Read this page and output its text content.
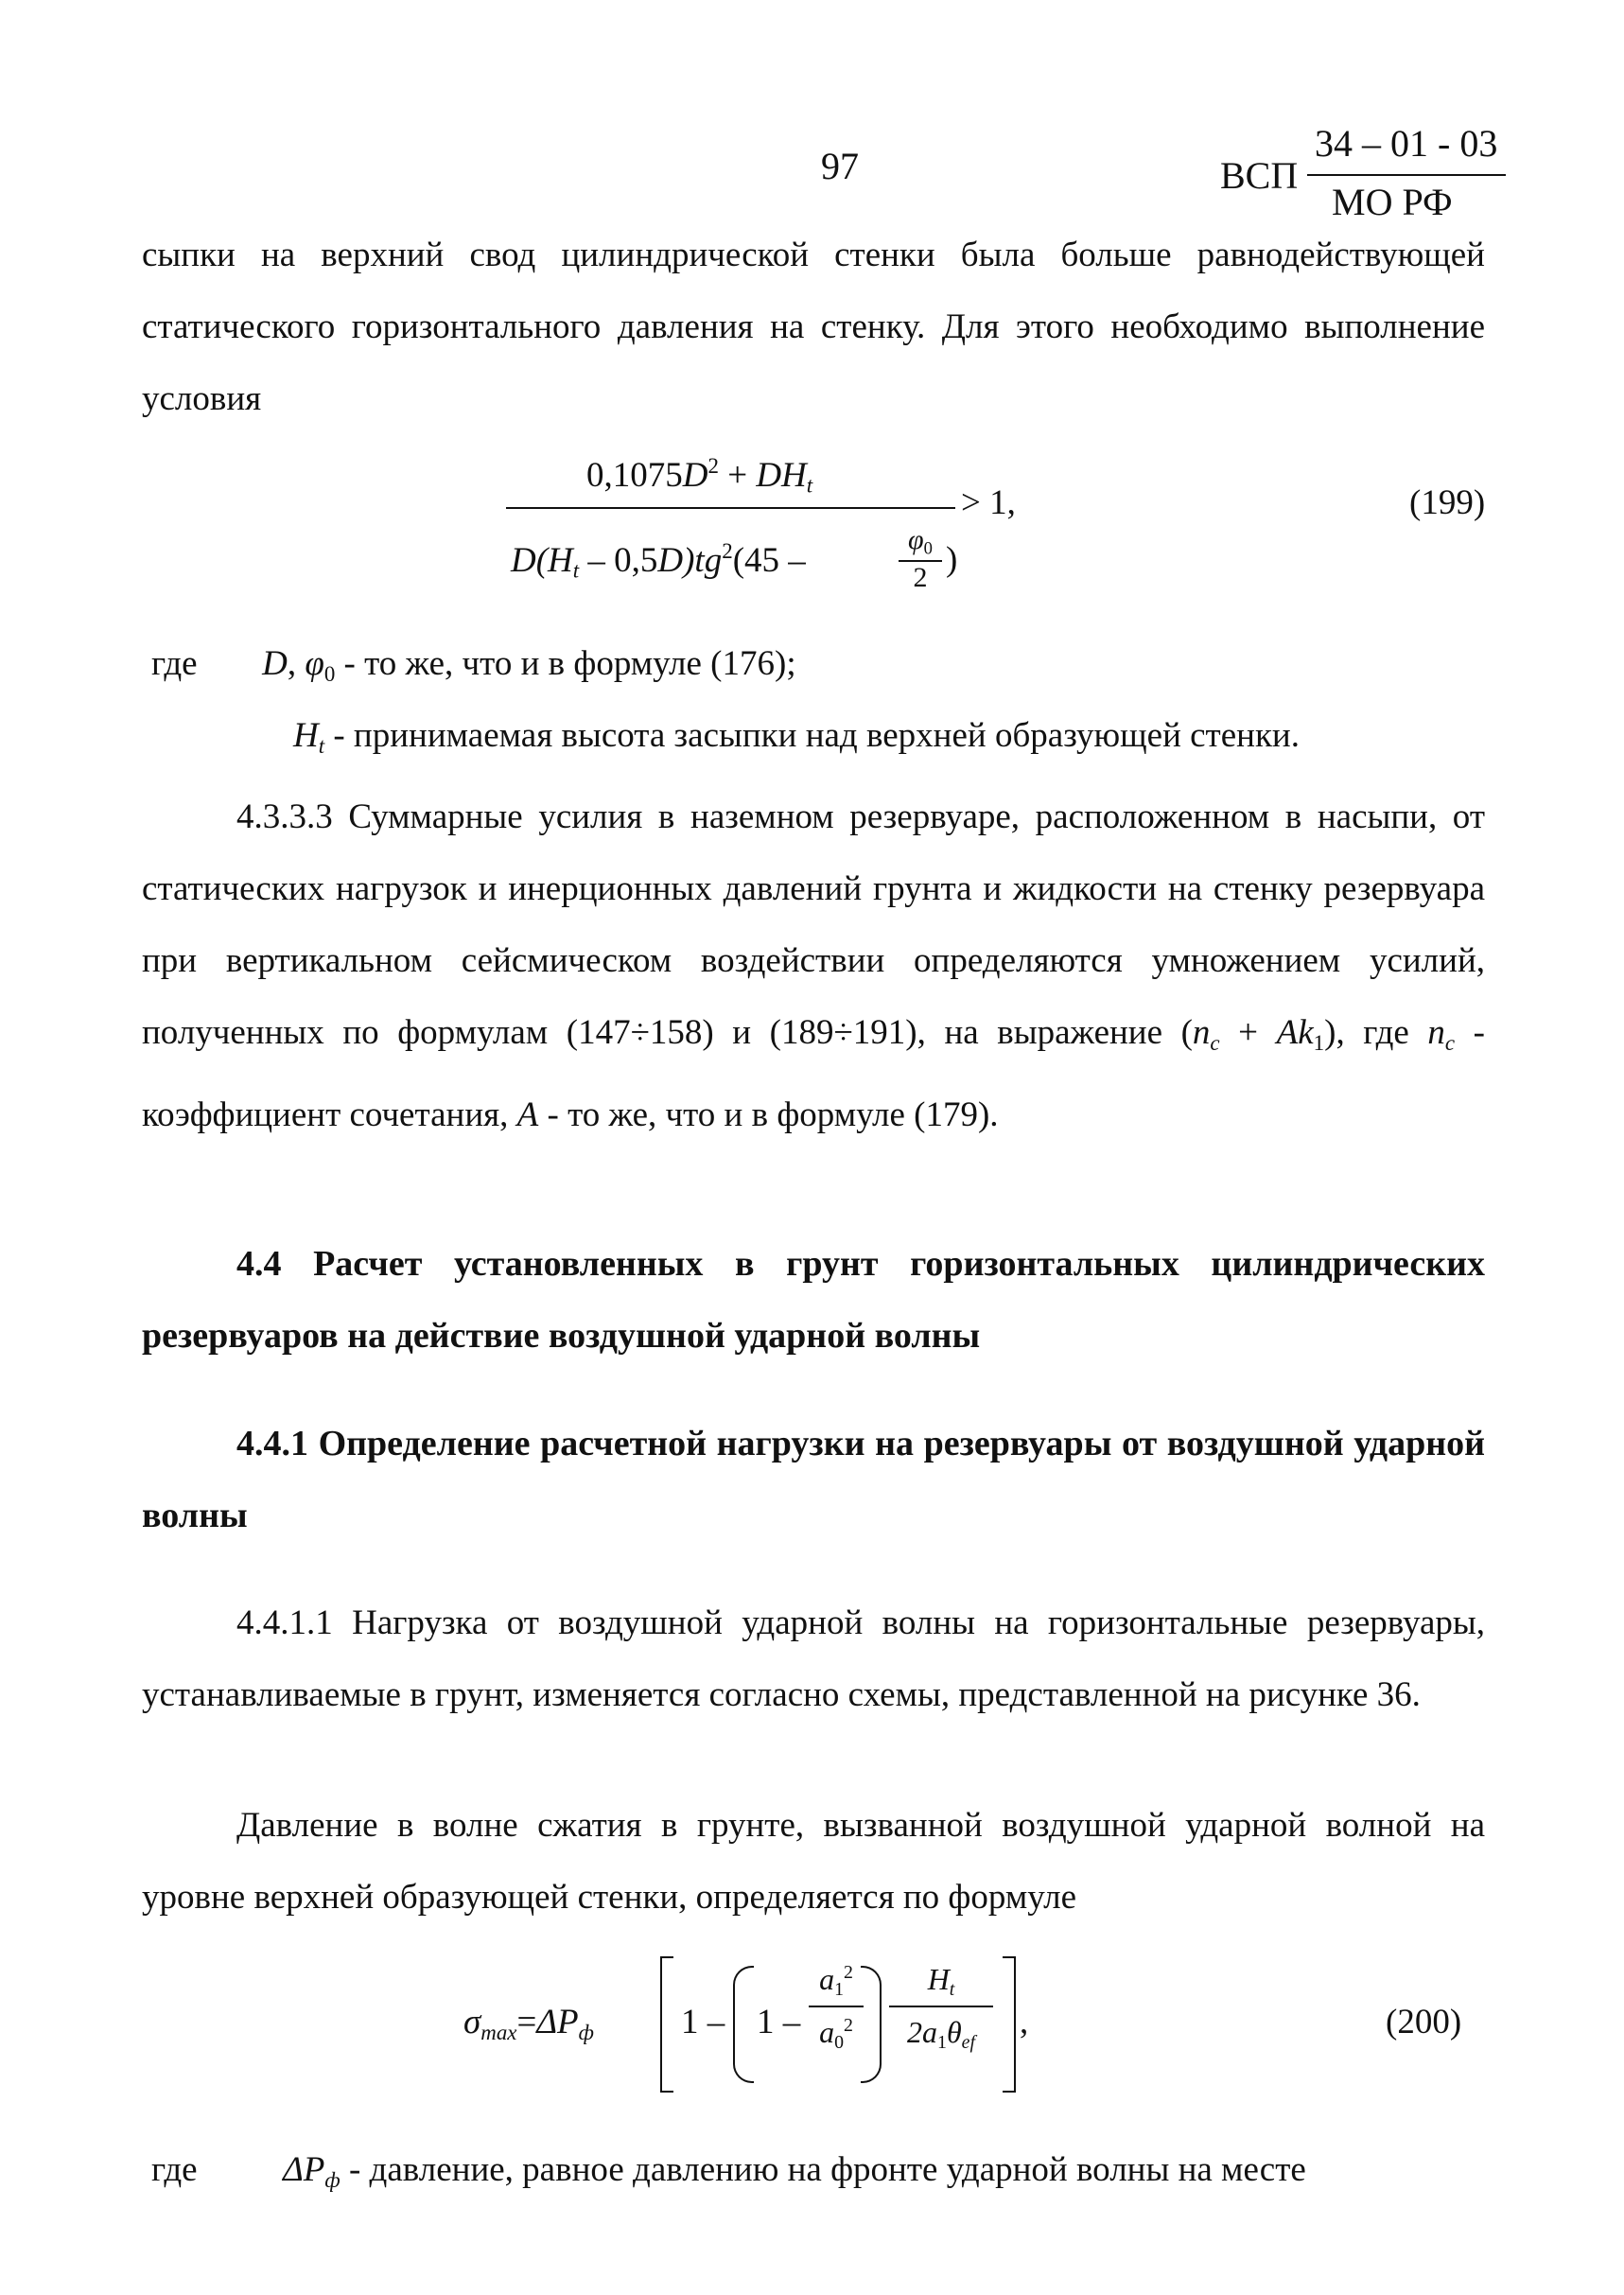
97	ВСП
34 – 01 - 03
МО РФ
сыпки на верхний свод цилиндрической стенки была больше равнодействующей статического горизонтального давления на стенку. Для этого необходимо выполнение условия
$0,1075D^2 + DH_t$	> 1,
$D(H_t - 0,5D)tg^2(45$ –
$\varphi_0$
2 )
(199)
где D, $\varphi_0$ - то же, что и в формуле (176);
$H_t$ - принимаемая высота засыпки над верхней образующей стенки.
4.3.3.3 Суммарные усилия в наземном резервуаре, расположенном в насыпи, от статических нагрузок и инерционных давлений грунта и жидкости на стенку резервуара при вертикальном сейсмическом воздействии определяются умножением усилий, полученных по формулам (147÷158) и (189÷191), на выражение $(n_c + Ak_1)$, где $n_c$ - коэффициент сочетания, A - то же, что и в формуле (179).
4.4 Расчет установленных в грунт горизонтальных цилиндрических резервуаров на действие воздушной ударной волны
4.4.1 Определение расчетной нагрузки на резервуары от воздушной ударной волны
4.4.1.1 Нагрузка от воздушной ударной волны на горизонтальные резервуары, устанавливаемые в грунт, изменяется согласно схемы, представленной на рисунке 36.
Давление в волне сжатия в грунте, вызванной воздушной ударной волной на уровне верхней образующей стенки, определяется по формуле
$\sigma_{max}=\Delta P_ф$ 1 – 1 –
$a_1^2$
$a_0^2$
$H_t$
$2a_1\theta_{ef}$
,	(200)
где $\Delta P_ф$ - давление, равное давлению на фронте ударной волны на месте
